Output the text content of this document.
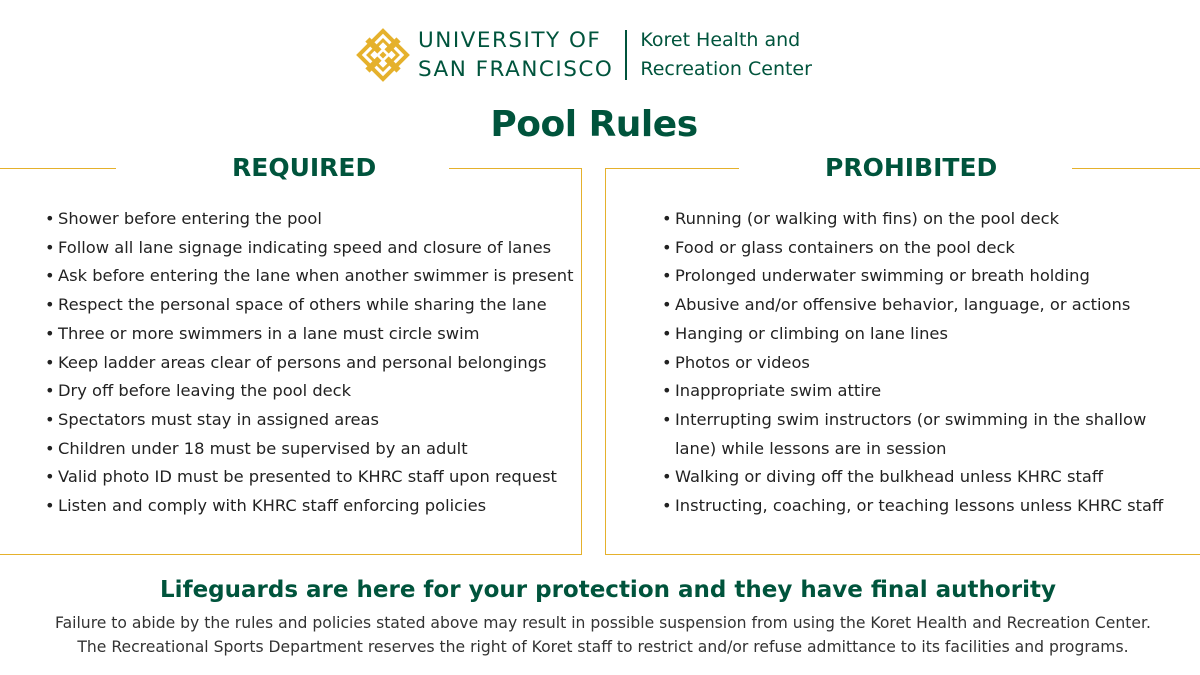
UNIVERSITY OF
SAN FRANCISCO
Koret Health and
Recreation Center
Pool Rules
REQUIRED
• Shower before entering the pool
• Follow all lane signage indicating speed and closure of lanes
• Ask before entering the lane when another swimmer is present
• Respect the personal space of others while sharing the lane
• Three or more swimmers in a lane must circle swim
• Keep ladder areas clear of persons and personal belongings
• Dry off before leaving the pool deck
• Spectators must stay in assigned areas
• Children under 18 must be supervised by an adult
• Valid photo ID must be presented to KHRC staff upon request
• Listen and comply with KHRC staff enforcing policies
PROHIBITED
• Running (or walking with fins) on the pool deck
• Food or glass containers on the pool deck
• Prolonged underwater swimming or breath holding
• Abusive and/or offensive behavior, language, or actions
• Hanging or climbing on lane lines
• Photos or videos
• Inappropriate swim attire
• Interrupting swim instructors (or swimming in the shallow
lane) while lessons are in session
• Walking or diving off the bulkhead unless KHRC staff
• Instructing, coaching, or teaching lessons unless KHRC staff
Lifeguards are here for your protection and they have final authority
Failure to abide by the rules and policies stated above may result in possible suspension from using the Koret Health and Recreation Center.
The Recreational Sports Department reserves the right of Koret staff to restrict and/or refuse admittance to its facilities and programs.
